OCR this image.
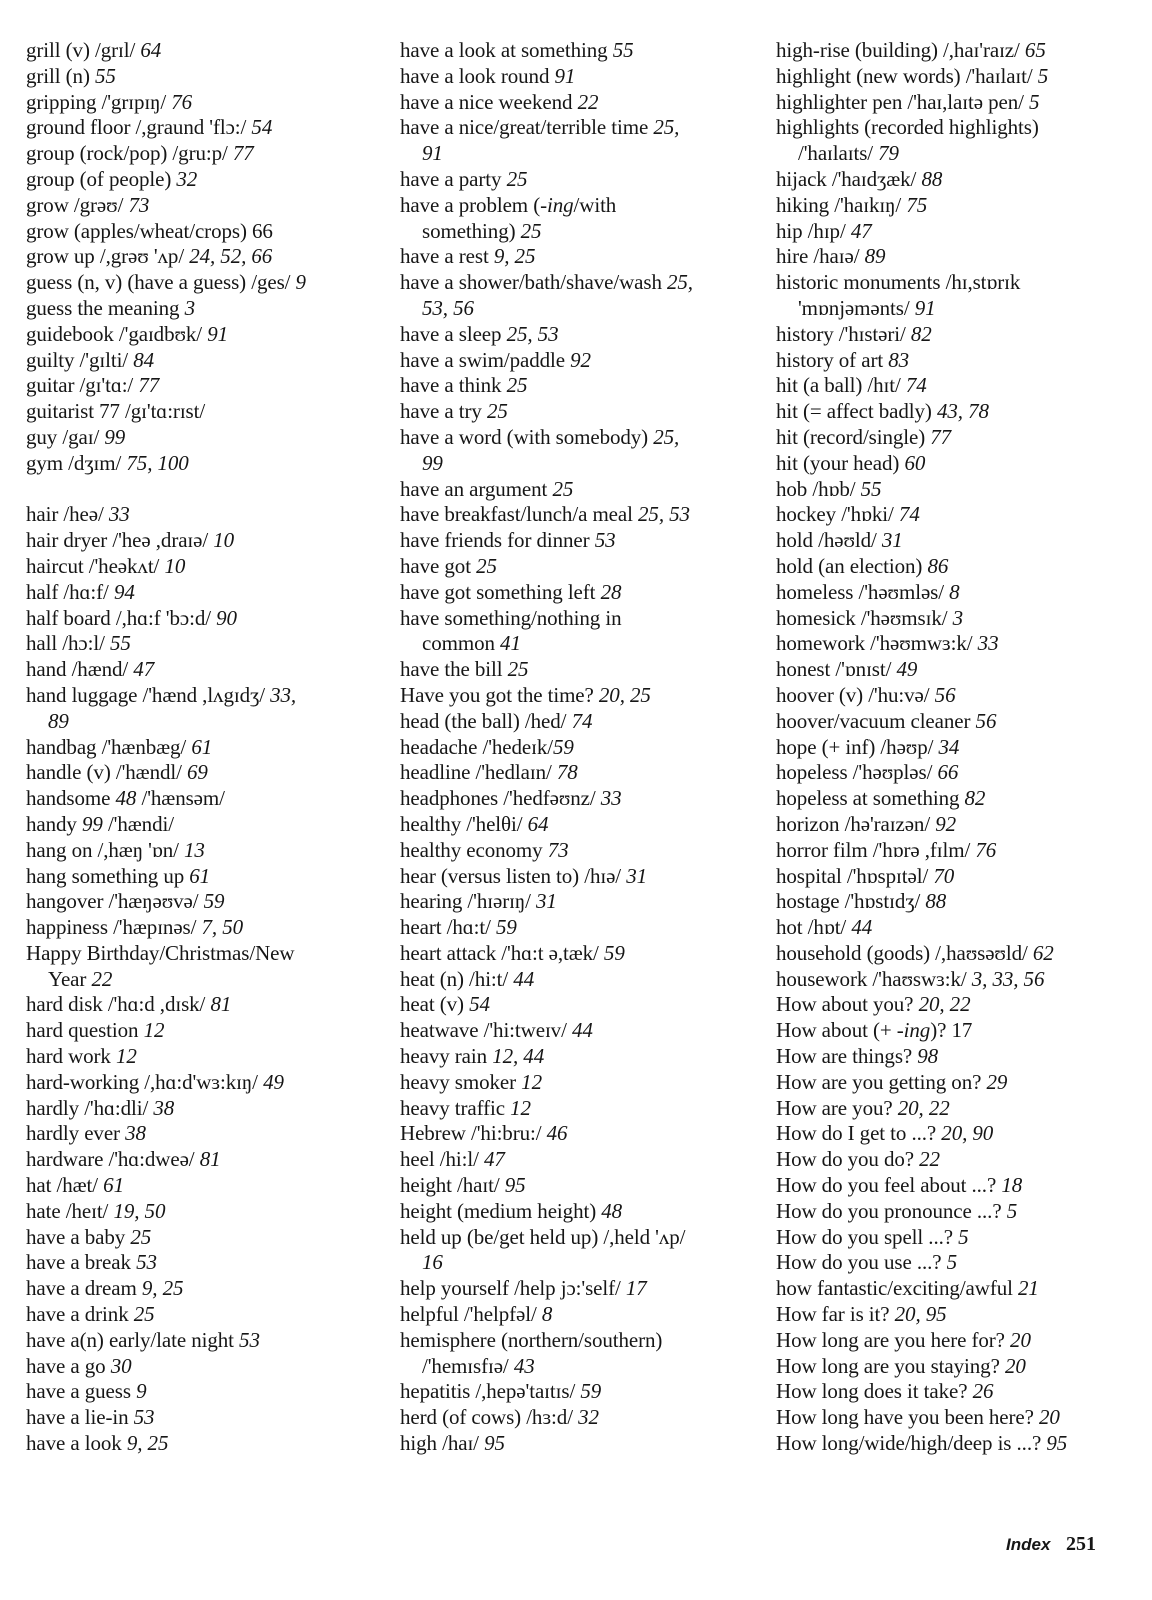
grill (v) /grɪl/ 64
grill (n) 55
gripping /'grɪpɪŋ/ 76
ground floor /,graund 'flɔ:/ 54
group (rock/pop) /gru:p/ 77
group (of people) 32
grow /grəʊ/ 73
grow (apples/wheat/crops) 66
grow up /,grəʊ 'ʌp/ 24, 52, 66
guess (n, v) (have a guess) /ges/ 9
guess the meaning 3
guidebook /'gaɪdbʊk/ 91
guilty /'gɪlti/ 84
guitar /gɪ'tɑ:/ 77
guitarist 77 /gɪ'tɑ:rɪst/
guy /gaɪ/ 99
gym /dʒɪm/ 75, 100
hair /heə/ 33
hair dryer /'heə ,draɪə/ 10
haircut /'heəkʌt/ 10
half /hɑ:f/ 94
half board /,hɑ:f 'bɔ:d/ 90
hall /hɔ:l/ 55
hand /hænd/ 47
hand luggage /'hænd ,lʌgɪdʒ/ 33,
89
handbag /'hænbæg/ 61
handle (v) /'hændl/ 69
handsome 48 /'hænsəm/
handy 99 /'hændi/
hang on /,hæŋ 'ɒn/ 13
hang something up 61
hangover /'hæŋəʊvə/ 59
happiness /'hæpɪnəs/ 7, 50
Happy Birthday/Christmas/New
Year 22
hard disk /'hɑ:d ,dɪsk/ 81
hard question 12
hard work 12
hard-working /,hɑ:d'wɜ:kɪŋ/ 49
hardly /'hɑ:dli/ 38
hardly ever 38
hardware /'hɑ:dweə/ 81
hat /hæt/ 61
hate /heɪt/ 19, 50
have a baby 25
have a break 53
have a dream 9, 25
have a drink 25
have a(n) early/late night 53
have a go 30
have a guess 9
have a lie-in 53
have a look 9, 25
have a look at something 55
have a look round 91
have a nice weekend 22
have a nice/great/terrible time 25,
91
have a party 25
have a problem (-ing/with
something) 25
have a rest 9, 25
have a shower/bath/shave/wash 25,
53, 56
have a sleep 25, 53
have a swim/paddle 92
have a think 25
have a try 25
have a word (with somebody) 25,
99
have an argument 25
have breakfast/lunch/a meal 25, 53
have friends for dinner 53
have got 25
have got something left 28
have something/nothing in
common 41
have the bill 25
Have you got the time? 20, 25
head (the ball) /hed/ 74
headache /'hedeɪk/59
headline /'hedlaɪn/ 78
headphones /'hedfəʊnz/ 33
healthy /'helθi/ 64
healthy economy 73
hear (versus listen to) /hɪə/ 31
hearing /'hɪərɪŋ/ 31
heart /hɑ:t/ 59
heart attack /'hɑ:t ə,tæk/ 59
heat (n) /hi:t/ 44
heat (v) 54
heatwave /'hi:tweɪv/ 44
heavy rain 12, 44
heavy smoker 12
heavy traffic 12
Hebrew /'hi:bru:/ 46
heel /hi:l/ 47
height /haɪt/ 95
height (medium height) 48
held up (be/get held up) /,held 'ʌp/
16
help yourself /help jɔ:'self/ 17
helpful /'helpfəl/ 8
hemisphere (northern/southern)
/'hemɪsfɪə/ 43
hepatitis /,hepə'taɪtɪs/ 59
herd (of cows) /hɜ:d/ 32
high /haɪ/ 95
high-rise (building) /,haɪ'raɪz/ 65
highlight (new words) /'haɪlaɪt/ 5
highlighter pen /'haɪ,laɪtə pen/ 5
highlights (recorded highlights)
/'haɪlaɪts/ 79
hijack /'haɪdʒæk/ 88
hiking /'haɪkɪŋ/ 75
hip /hɪp/ 47
hire /haɪə/ 89
historic monuments /hɪ,stɒrɪk
'mɒnjəmənts/ 91
history /'hɪstəri/ 82
history of art 83
hit (a ball) /hɪt/ 74
hit (= affect badly) 43, 78
hit (record/single) 77
hit (your head) 60
hob /hɒb/ 55
hockey /'hɒki/ 74
hold /həʊld/ 31
hold (an election) 86
homeless /'həʊmləs/ 8
homesick /'həʊmsɪk/ 3
homework /'həʊmwɜ:k/ 33
honest /'ɒnɪst/ 49
hoover (v) /'hu:və/ 56
hoover/vacuum cleaner 56
hope (+ inf) /həʊp/ 34
hopeless /'həʊpləs/ 66
hopeless at something 82
horizon /hə'raɪzən/ 92
horror film /'hɒrə ,fɪlm/ 76
hospital /'hɒspɪtəl/ 70
hostage /'hɒstɪdʒ/ 88
hot /hɒt/ 44
household (goods) /,haʊsəʊld/ 62
housework /'haʊswɜ:k/ 3, 33, 56
How about you? 20, 22
How about (+ -ing)? 17
How are things? 98
How are you getting on? 29
How are you? 20, 22
How do I get to ...? 20, 90
How do you do? 22
How do you feel about ...? 18
How do you pronounce ...? 5
How do you spell ...? 5
How do you use ...? 5
how fantastic/exciting/awful 21
How far is it? 20, 95
How long are you here for? 20
How long are you staying? 20
How long does it take? 26
How long have you been here? 20
How long/wide/high/deep is ...? 95
Index 251
